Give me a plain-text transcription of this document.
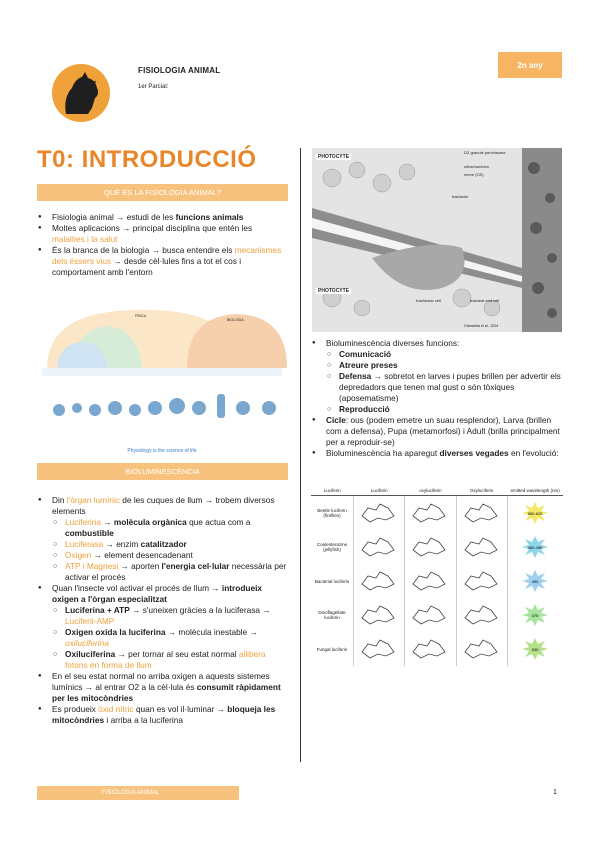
FISIOLOGIA ANIMAL
1er Parcial:
2n any
T0: INTRODUCCIÓ
QUÈ ÉS LA FISIOLOGIA ANIMAL?
● Fisiologia animal → estudi de les funcions animals
● Moltes aplicacions → principal disciplina que entén les malalties i la salut
● És la branca de la biologia → busca entendre els mecanismes dels éssers vius → desde cèl·lules fins a tot el cos i comportament amb l'entorn
FÍSICA
BIOLOGIA
Physiology is the science of life
BIOLUMINESCÈNCIA
● Din l'òrgan lumínic de les cuques de llum → trobem diversos elements
○ Luciferina → molècula orgànica que actua com a combustible
○ Luciferasa → enzim catalitzador
○ Oxigen → element desencadenant
○ ATP i Magnesi → aporten l'energia cel·lular necessària per activar el procés
● Quan l'insecte vol activar el procés de llum → introdueix oxigen a l'òrgan especialitzat
○ Luciferina + ATP → s'uneixen gràcies a la luciferasa → Luciferil-AMP
○ Oxigen oxida la luciferina → molècula inestable → oxiluciferina
○ Oxiluciferina → per tornar al seu estat normal allibera fotons en forma de llum
● En el seu estat normal no arriba oxigen a aquests sistemes lumínics → al entrar O2 a la cèl·lula és consumit ràpidament per les mitocòndries
● Es produeix òxid nítric quan es vol il·luminar → bloqueja les mitocòndries i arriba a la luciferina
PHOTOCYTE
PHOTOCYTE
DZ granule peroxisome
mitochondrion
nerve (OS)
tracheole
tracheolar cell	tracheal end cell
Ghiradella et al., 2004
● Bioluminescència diverses funcions:
○ Comunicació
○ Atreure preses
○ Defensa → sobretot en larves i pupes brillen per advertir els depredadors que tenen mal gust o són tòxiques (aposematisme)
○ Reproducció
● Cicle: ous (podem emetre un suau resplendor), Larva (brillen com a defensa), Pupa (metamorfosi) i Adult (brilla principalment per a reproduir-se)
● Bioluminescència ha aparegut diverses vegades en l'evolució:
Luciferin	Luciferin	oxyluciferin	Oxyluciferin	emitted wavelength (nm)
Beetle luciferin (fireflies)				560-620

Coelenterazine (jellyfish)				460-490

Bacterial luciferin				490

Dinoflagellate luciferin				475

Fungal luciferin				530
FISIOLOGIA ANIMAL	1
